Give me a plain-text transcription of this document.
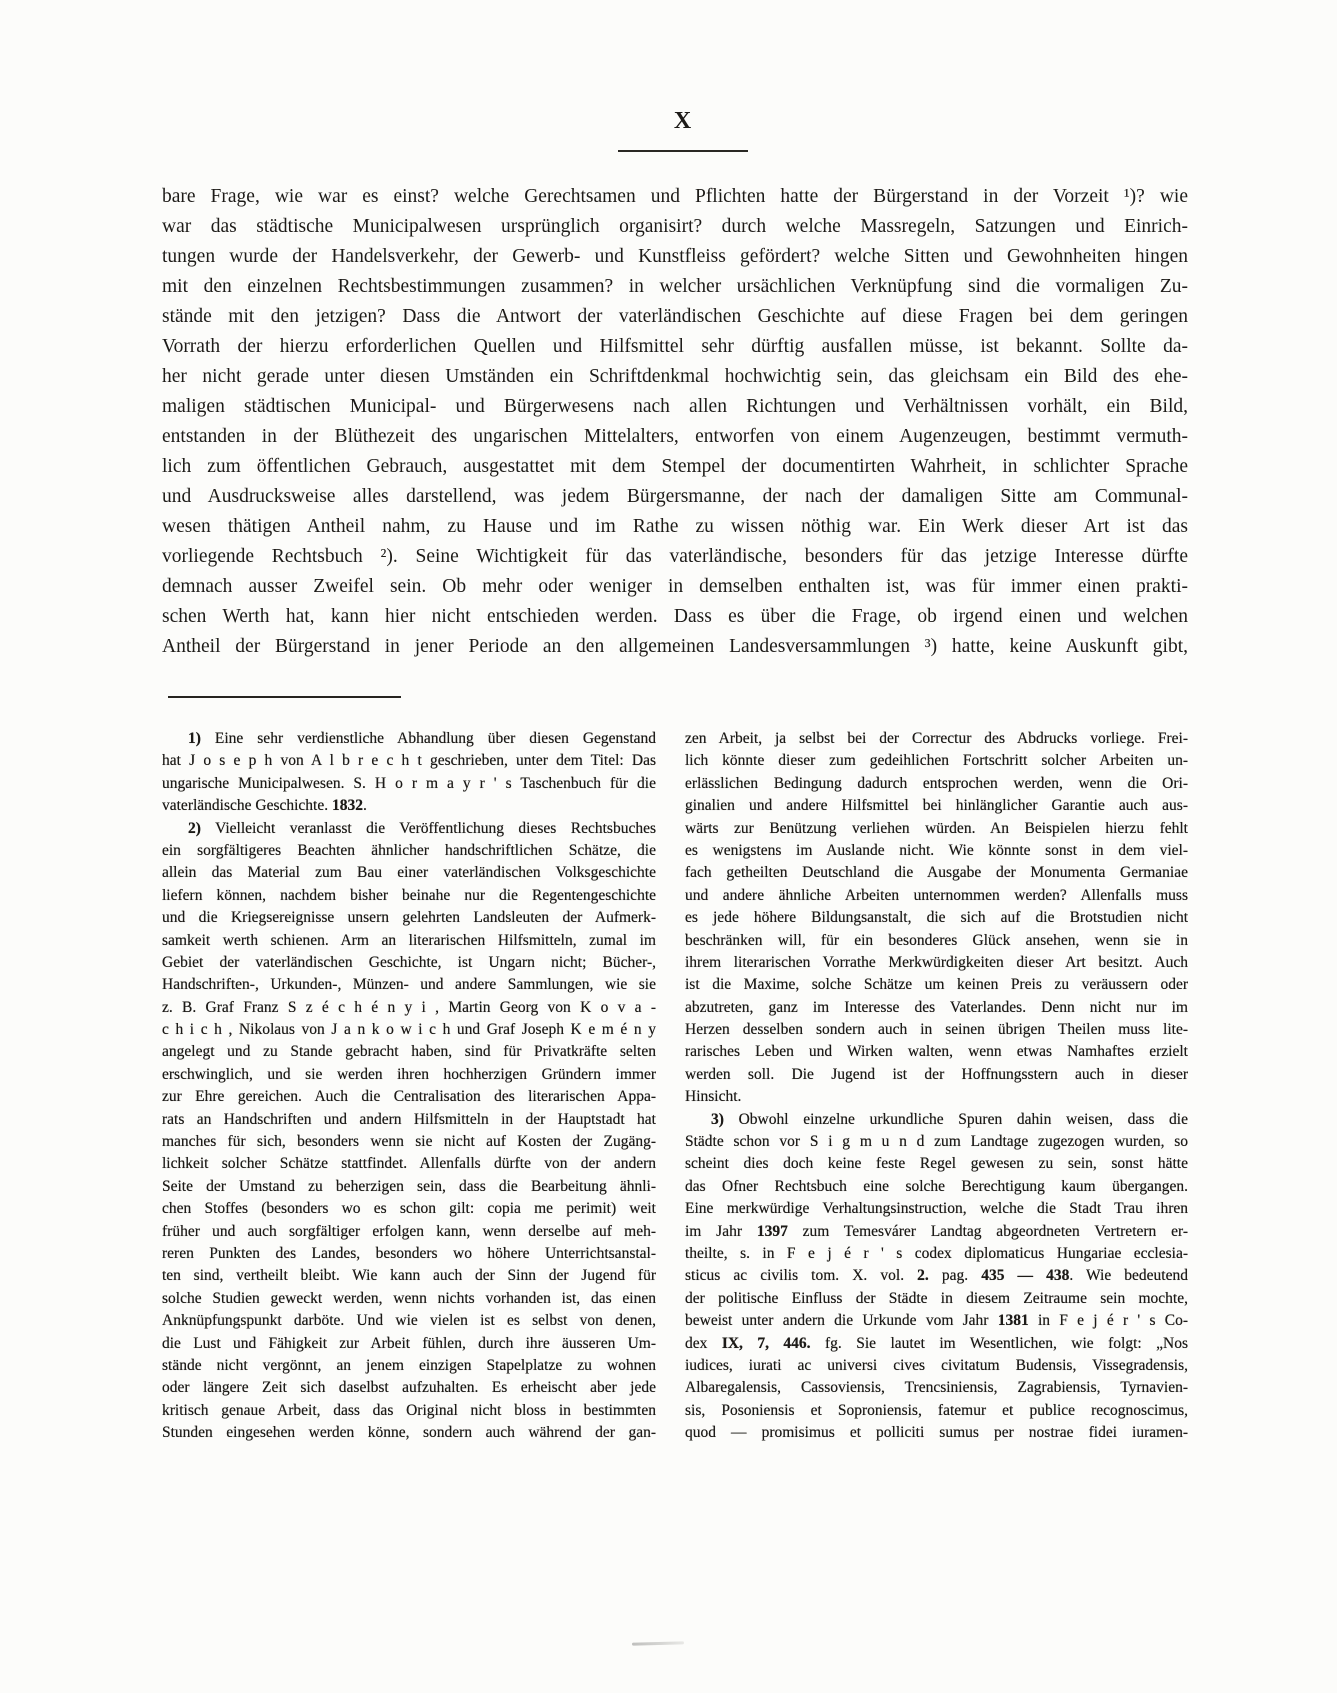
X
bare Frage, wie war es einst? welche Gerechtsamen und Pflichten hatte der Bürgerstand in der Vorzeit ¹)? wie
war das städtische Municipalwesen ursprünglich organisirt? durch welche Massregeln, Satzungen und Einrich-
tungen wurde der Handelsverkehr, der Gewerb- und Kunstfleiss gefördert? welche Sitten und Gewohnheiten hingen
mit den einzelnen Rechtsbestimmungen zusammen? in welcher ursächlichen Verknüpfung sind die vormaligen Zu-
stände mit den jetzigen? Dass die Antwort der vaterländischen Geschichte auf diese Fragen bei dem geringen
Vorrath der hierzu erforderlichen Quellen und Hilfsmittel sehr dürftig ausfallen müsse, ist bekannt. Sollte da-
her nicht gerade unter diesen Umständen ein Schriftdenkmal hochwichtig sein, das gleichsam ein Bild des ehe-
maligen städtischen Municipal- und Bürgerwesens nach allen Richtungen und Verhältnissen vorhält, ein Bild,
entstanden in der Blüthezeit des ungarischen Mittelalters, entworfen von einem Augenzeugen, bestimmt vermuth-
lich zum öffentlichen Gebrauch, ausgestattet mit dem Stempel der documentirten Wahrheit, in schlichter Sprache
und Ausdrucksweise alles darstellend, was jedem Bürgersmanne, der nach der damaligen Sitte am Communal-
wesen thätigen Antheil nahm, zu Hause und im Rathe zu wissen nöthig war. Ein Werk dieser Art ist das
vorliegende Rechtsbuch ²). Seine Wichtigkeit für das vaterländische, besonders für das jetzige Interesse dürfte
demnach ausser Zweifel sein. Ob mehr oder weniger in demselben enthalten ist, was für immer einen prakti-
schen Werth hat, kann hier nicht entschieden werden. Dass es über die Frage, ob irgend einen und welchen
Antheil der Bürgerstand in jener Periode an den allgemeinen Landesversammlungen ³) hatte, keine Auskunft gibt,
1) Eine sehr verdienstliche Abhandlung über diesen Gegenstand
hat J o s e p h von A l b r e c h t geschrieben, unter dem Titel: Das
ungarische Municipalwesen. S. H o r m a y r ' s Taschenbuch für die
vaterländische Geschichte. 1832.
2) Vielleicht veranlasst die Veröffentlichung dieses Rechtsbuches
ein sorgfältigeres Beachten ähnlicher handschriftlichen Schätze, die
allein das Material zum Bau einer vaterländischen Volksgeschichte
liefern können, nachdem bisher beinahe nur die Regentengeschichte
und die Kriegsereignisse unsern gelehrten Landsleuten der Aufmerk-
samkeit werth schienen. Arm an literarischen Hilfsmitteln, zumal im
Gebiet der vaterländischen Geschichte, ist Ungarn nicht; Bücher-,
Handschriften-, Urkunden-, Münzen- und andere Sammlungen, wie sie
z. B. Graf Franz S z é c h é n y i , Martin Georg von K o v a -
c h i c h , Nikolaus von J a n k o w i c h und Graf Joseph K e m é n y
angelegt und zu Stande gebracht haben, sind für Privatkräfte selten
erschwinglich, und sie werden ihren hochherzigen Gründern immer
zur Ehre gereichen. Auch die Centralisation des literarischen Appa-
rats an Handschriften und andern Hilfsmitteln in der Hauptstadt hat
manches für sich, besonders wenn sie nicht auf Kosten der Zugäng-
lichkeit solcher Schätze stattfindet. Allenfalls dürfte von der andern
Seite der Umstand zu beherzigen sein, dass die Bearbeitung ähnli-
chen Stoffes (besonders wo es schon gilt: copia me perimit) weit
früher und auch sorgfältiger erfolgen kann, wenn derselbe auf meh-
reren Punkten des Landes, besonders wo höhere Unterrichtsanstal-
ten sind, vertheilt bleibt. Wie kann auch der Sinn der Jugend für
solche Studien geweckt werden, wenn nichts vorhanden ist, das einen
Anknüpfungspunkt darböte. Und wie vielen ist es selbst von denen,
die Lust und Fähigkeit zur Arbeit fühlen, durch ihre äusseren Um-
stände nicht vergönnt, an jenem einzigen Stapelplatze zu wohnen
oder längere Zeit sich daselbst aufzuhalten. Es erheischt aber jede
kritisch genaue Arbeit, dass das Original nicht bloss in bestimmten
Stunden eingesehen werden könne, sondern auch während der gan-
zen Arbeit, ja selbst bei der Correctur des Abdrucks vorliege. Frei-
lich könnte dieser zum gedeihlichen Fortschritt solcher Arbeiten un-
erlässlichen Bedingung dadurch entsprochen werden, wenn die Ori-
ginalien und andere Hilfsmittel bei hinlänglicher Garantie auch aus-
wärts zur Benützung verliehen würden. An Beispielen hierzu fehlt
es wenigstens im Auslande nicht. Wie könnte sonst in dem viel-
fach getheilten Deutschland die Ausgabe der Monumenta Germaniae
und andere ähnliche Arbeiten unternommen werden? Allenfalls muss
es jede höhere Bildungsanstalt, die sich auf die Brotstudien nicht
beschränken will, für ein besonderes Glück ansehen, wenn sie in
ihrem literarischen Vorrathe Merkwürdigkeiten dieser Art besitzt. Auch
ist die Maxime, solche Schätze um keinen Preis zu veräussern oder
abzutreten, ganz im Interesse des Vaterlandes. Denn nicht nur im
Herzen desselben sondern auch in seinen übrigen Theilen muss lite-
rarisches Leben und Wirken walten, wenn etwas Namhaftes erzielt
werden soll. Die Jugend ist der Hoffnungsstern auch in dieser
Hinsicht.
3) Obwohl einzelne urkundliche Spuren dahin weisen, dass die
Städte schon vor S i g m u n d zum Landtage zugezogen wurden, so
scheint dies doch keine feste Regel gewesen zu sein, sonst hätte
das Ofner Rechtsbuch eine solche Berechtigung kaum übergangen.
Eine merkwürdige Verhaltungsinstruction, welche die Stadt Trau ihren
im Jahr 1397 zum Temesvárer Landtag abgeordneten Vertretern er-
theilte, s. in F e j é r ' s codex diplomaticus Hungariae ecclesia-
sticus ac civilis tom. X. vol. 2. pag. 435 — 438. Wie bedeutend
der politische Einfluss der Städte in diesem Zeitraume sein mochte,
beweist unter andern die Urkunde vom Jahr 1381 in F e j é r ' s Co-
dex IX, 7, 446. fg. Sie lautet im Wesentlichen, wie folgt: „Nos
iudices, iurati ac universi cives civitatum Budensis, Vissegradensis,
Albaregalensis, Cassoviensis, Trencsiniensis, Zagrabiensis, Tyrnavien-
sis, Posoniensis et Soproniensis, fatemur et publice recognoscimus,
quod — promisimus et polliciti sumus per nostrae fidei iuramen-
